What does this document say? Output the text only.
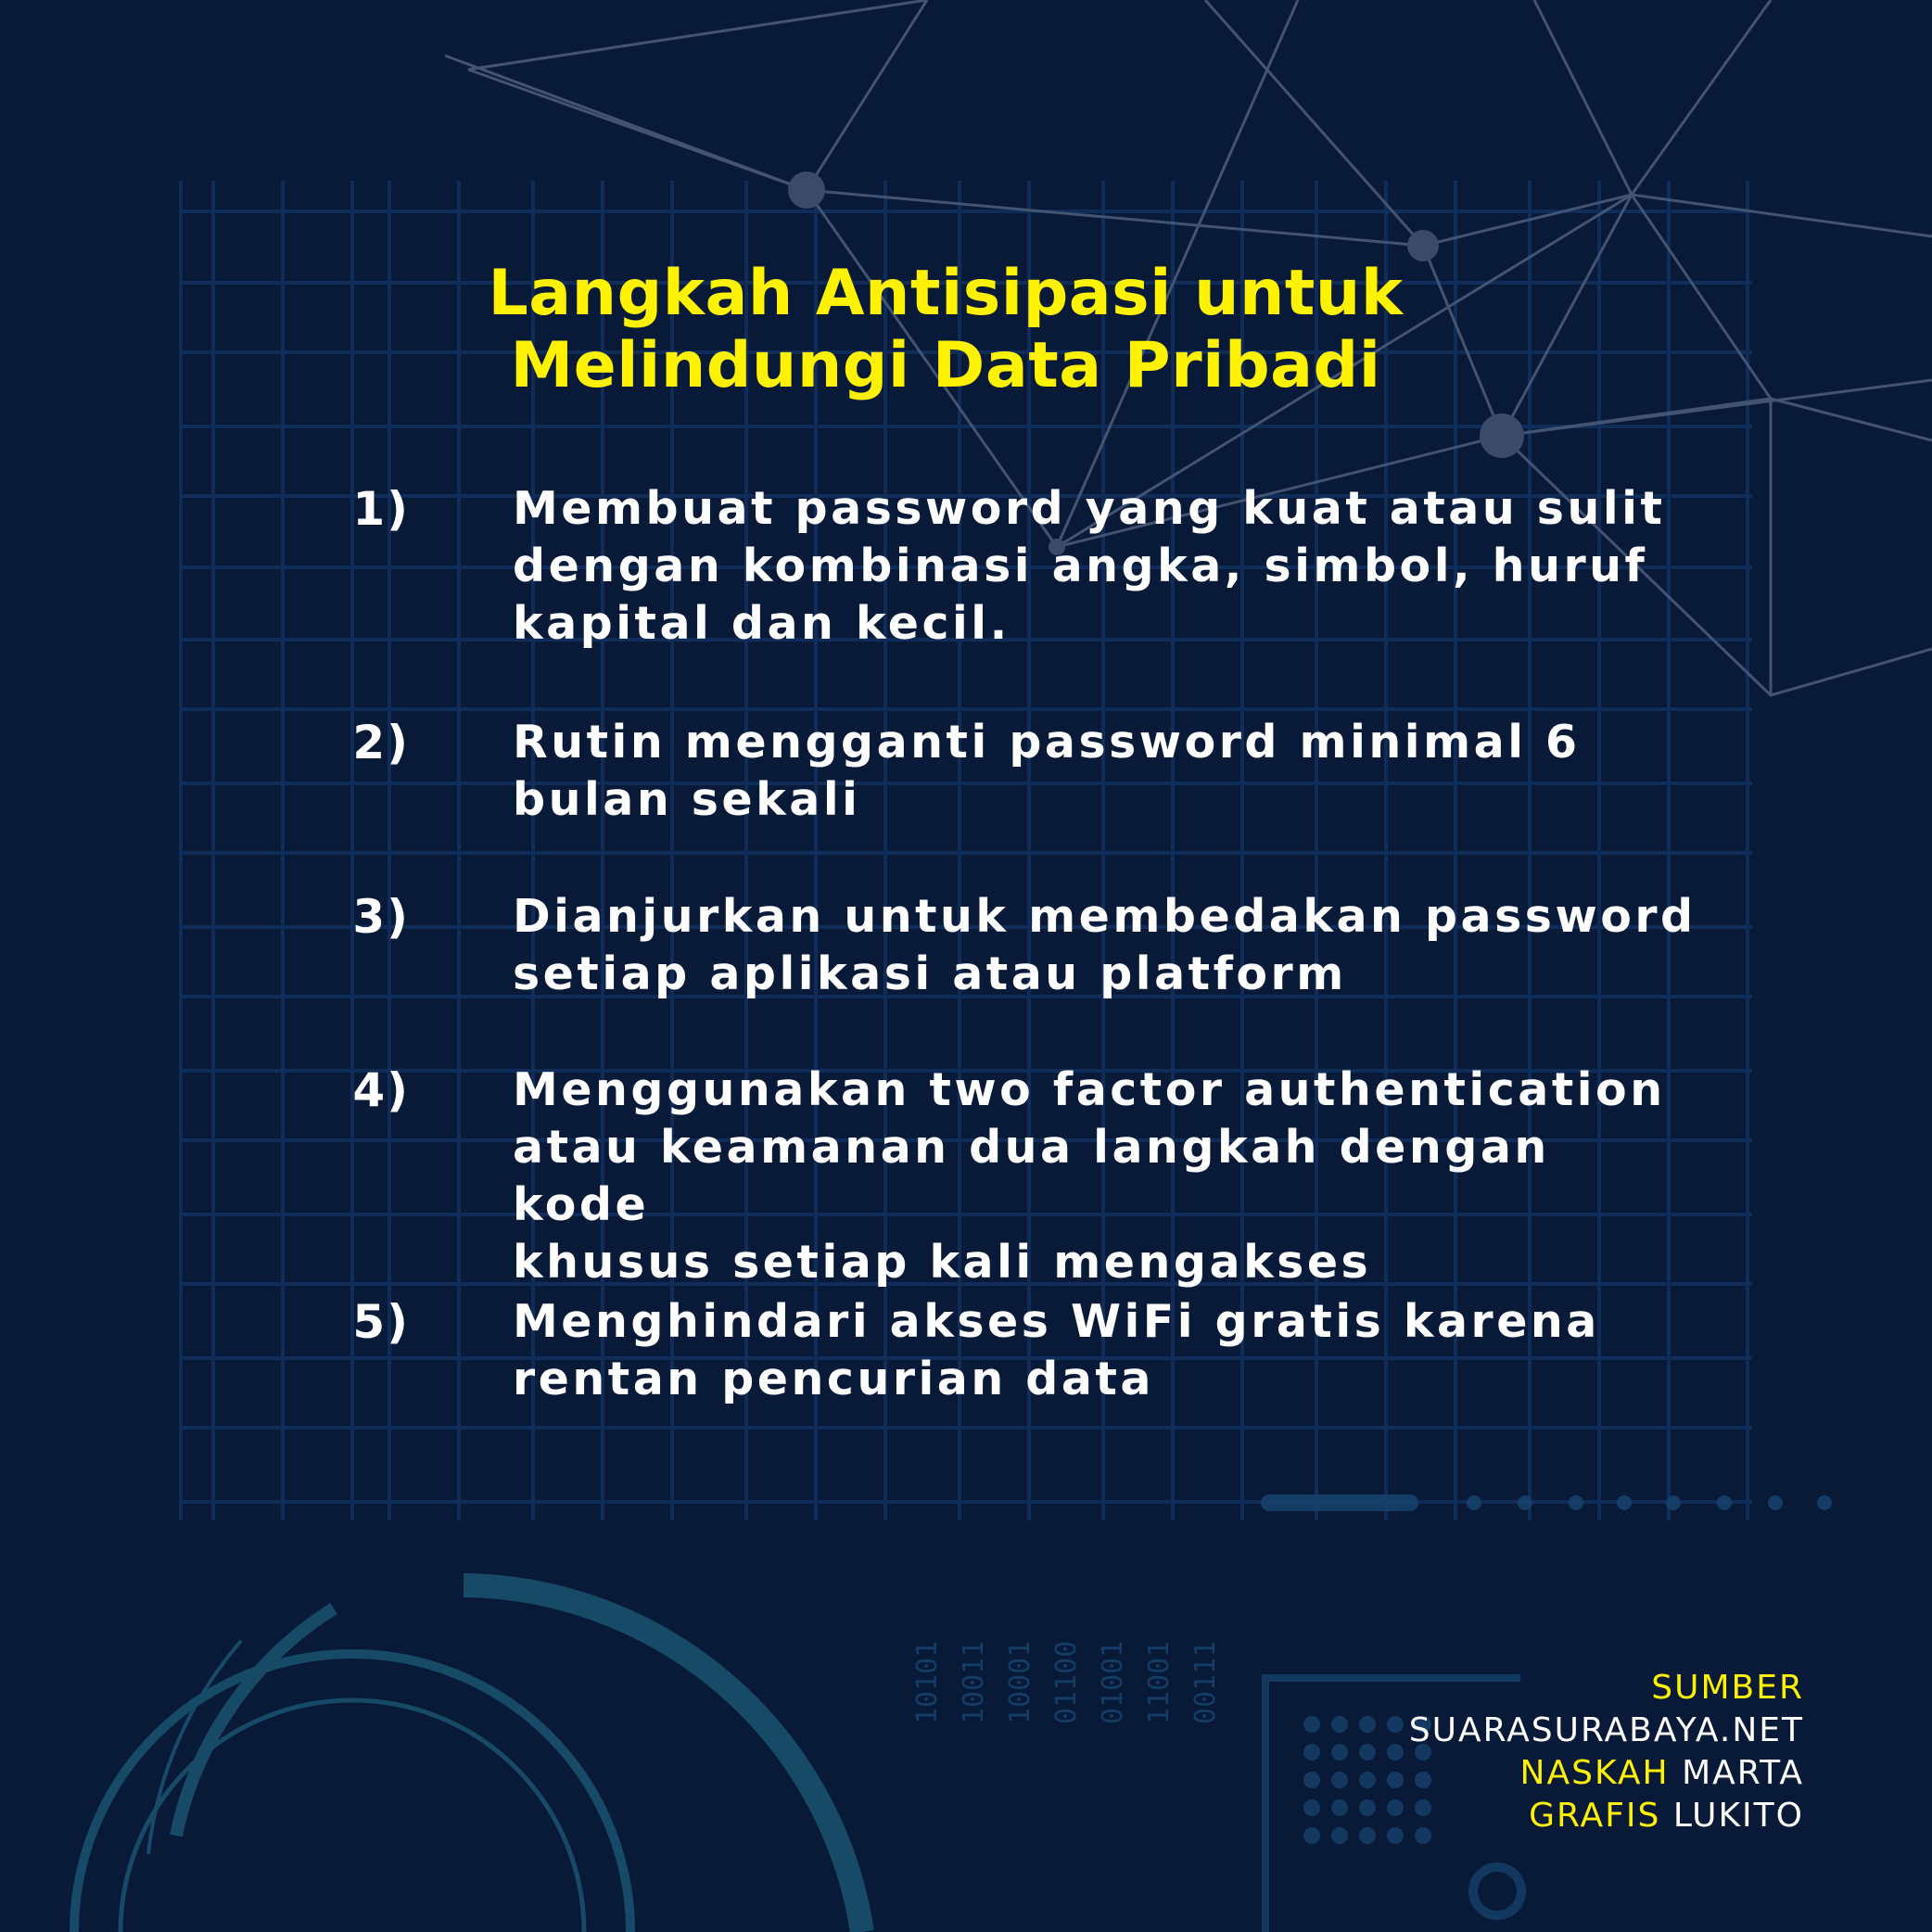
10101 10011 10001 01100 01001 11001 00111
Langkah Antisipasi untuk
Melindungi Data Pribadi
1) Membuat password yang kuat atau sulit
dengan kombinasi angka, simbol, huruf
kapital dan kecil.
2) Rutin mengganti password minimal 6
bulan sekali
3) Dianjurkan untuk membedakan password
setiap aplikasi atau platform
4) Menggunakan two factor authentication
atau keamanan dua langkah dengan kode
khusus setiap kali mengakses
5) Menghindari akses WiFi gratis karena
rentan pencurian data
SUMBER
SUARASURABAYA.NET
NASKAH MARTA
GRAFIS LUKITO
